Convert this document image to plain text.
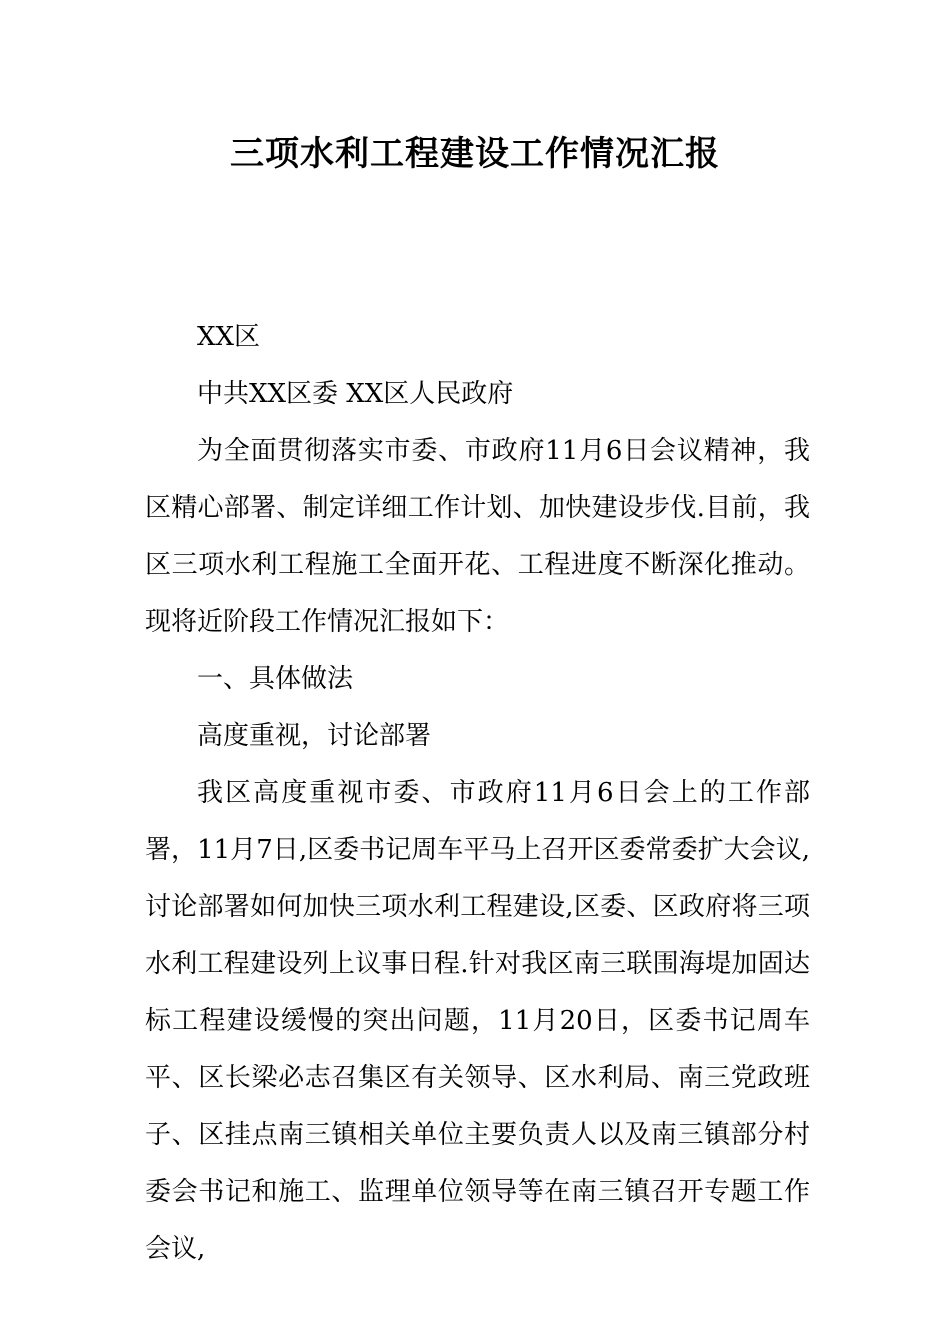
三项水利工程建设工作情况汇报

XX区

中共XX区委 XX区人民政府

为全面贯彻落实市委、市政府11月6日会议精神，我区精心部署、制定详细工作计划、加快建设步伐.目前，我区三项水利工程施工全面开花、工程进度不断深化推动。现将近阶段工作情况汇报如下：

一、具体做法

高度重视，讨论部署

我区高度重视市委、市政府11月6日会上的工作部署，11月7日,区委书记周车平马上召开区委常委扩大会议,讨论部署如何加快三项水利工程建设,区委、区政府将三项水利工程建设列上议事日程.针对我区南三联围海堤加固达标工程建设缓慢的突出问题，11月20日，区委书记周车平、区长梁必志召集区有关领导、区水利局、南三党政班子、区挂点南三镇相关单位主要负责人以及南三镇部分村委会书记和施工、监理单位领导等在南三镇召开专题工作会议,
